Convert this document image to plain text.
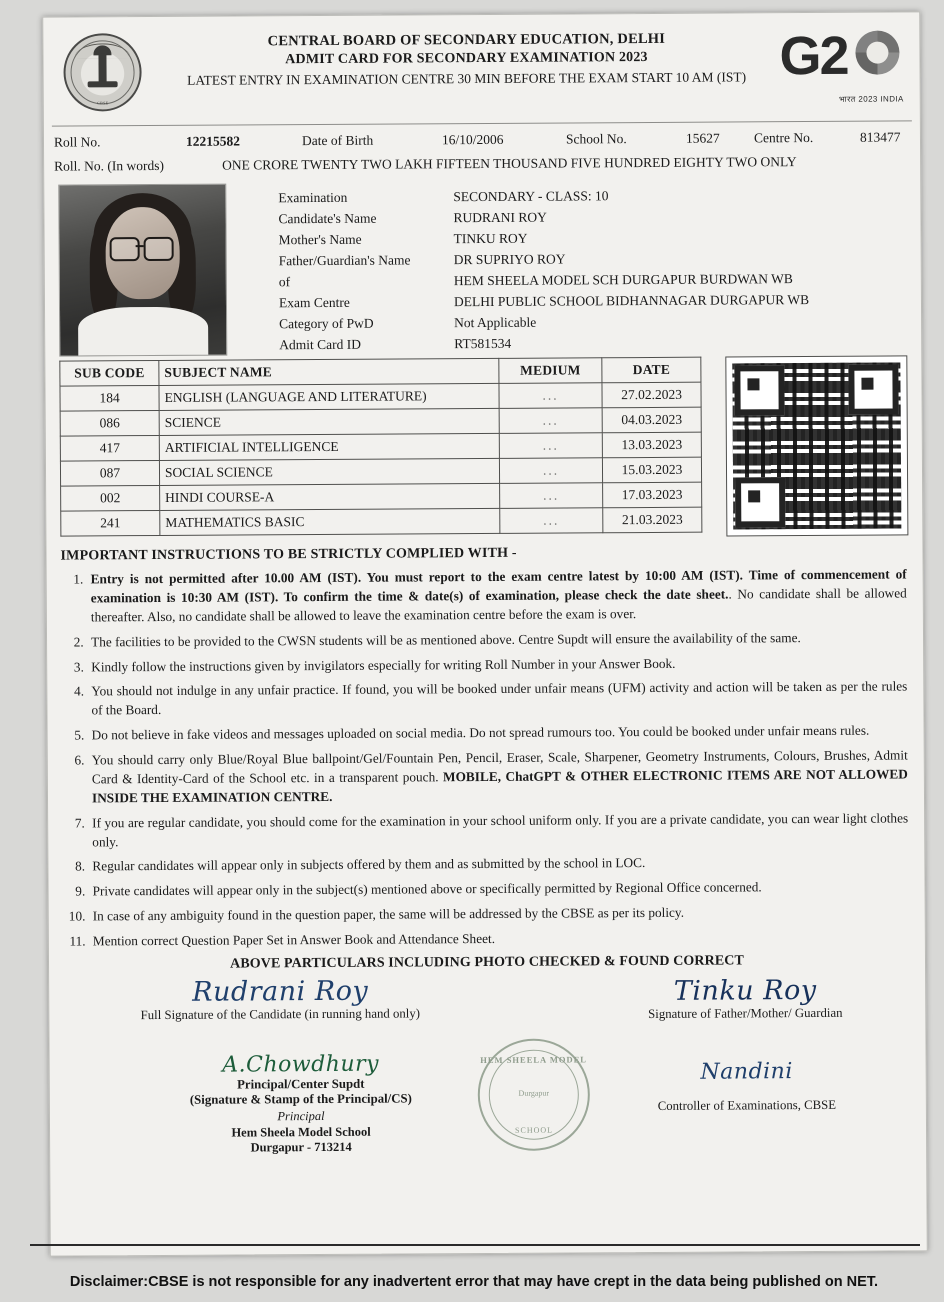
CBSE
CENTRAL BOARD OF SECONDARY EDUCATION, DELHI
ADMIT CARD FOR SECONDARY EXAMINATION 2023
LATEST ENTRY IN EXAMINATION CENTRE 30 MIN BEFORE THE EXAM START 10 AM (IST) G2
भारत 2023 INDIA
Roll No.	12215582	Date of Birth	16/10/2006	School No.	15627	Centre No.	813477
Roll. No. (In words)	ONE CRORE TWENTY TWO LAKH FIFTEEN THOUSAND FIVE HUNDRED EIGHTY TWO ONLY
Examination	SECONDARY - CLASS: 10
Candidate's Name	RUDRANI ROY
Mother's Name	TINKU ROY
Father/Guardian's Name	DR SUPRIYO ROY
of	HEM SHEELA MODEL SCH DURGAPUR BURDWAN WB
Exam Centre	DELHI PUBLIC SCHOOL BIDHANNAGAR DURGAPUR WB
Category of PwD	Not Applicable
Admit Card ID	RT581534
SUB CODE	SUBJECT NAME	MEDIUM	DATE
184	ENGLISH (LANGUAGE AND LITERATURE)	...	27.02.2023
086	SCIENCE	...	04.03.2023
417	ARTIFICIAL INTELLIGENCE	...	13.03.2023
087	SOCIAL SCIENCE	...	15.03.2023
002	HINDI COURSE-A	...	17.03.2023
241	MATHEMATICS BASIC	...	21.03.2023
IMPORTANT INSTRUCTIONS TO BE STRICTLY COMPLIED WITH -
1. Entry is not permitted after 10.00 AM (IST). You must report to the exam centre latest by 10:00 AM (IST). Time of commencement of examination is 10:30 AM (IST). To confirm the time & date(s) of examination, please check the date sheet.. No candidate shall be allowed thereafter. Also, no candidate shall be allowed to leave the examination centre before the exam is over.
2. The facilities to be provided to the CWSN students will be as mentioned above. Centre Supdt will ensure the availability of the same.
3. Kindly follow the instructions given by invigilators especially for writing Roll Number in your Answer Book.
4. You should not indulge in any unfair practice. If found, you will be booked under unfair means (UFM) activity and action will be taken as per the rules of the Board.
5. Do not believe in fake videos and messages uploaded on social media. Do not spread rumours too. You could be booked under unfair means rules.
6. You should carry only Blue/Royal Blue ballpoint/Gel/Fountain Pen, Pencil, Eraser, Scale, Sharpener, Geometry Instruments, Colours, Brushes, Admit Card & Identity-Card of the School etc. in a transparent pouch. MOBILE, ChatGPT & OTHER ELECTRONIC ITEMS ARE NOT ALLOWED INSIDE THE EXAMINATION CENTRE.
7. If you are regular candidate, you should come for the examination in your school uniform only. If you are a private candidate, you can wear light clothes only.
8. Regular candidates will appear only in subjects offered by them and as submitted by the school in LOC.
9. Private candidates will appear only in the subject(s) mentioned above or specifically permitted by Regional Office concerned.
10. In case of any ambiguity found in the question paper, the same will be addressed by the CBSE as per its policy.
11. Mention correct Question Paper Set in Answer Book and Attendance Sheet.
ABOVE PARTICULARS INCLUDING PHOTO CHECKED & FOUND CORRECT
Rudrani Roy
Full Signature of the Candidate (in running hand only)
Tinku Roy
Signature of Father/Mother/ Guardian
A.Chowdhury
Principal/Center Supdt
(Signature & Stamp of the Principal/CS)
Principal
Hem Sheela Model School
Durgapur - 713214
HEM SHEELA MODEL
Durgapur
SCHOOL
Nandini
Controller of Examinations, CBSE
Disclaimer:CBSE is not responsible for any inadvertent error that may have crept in the data being published on NET.
